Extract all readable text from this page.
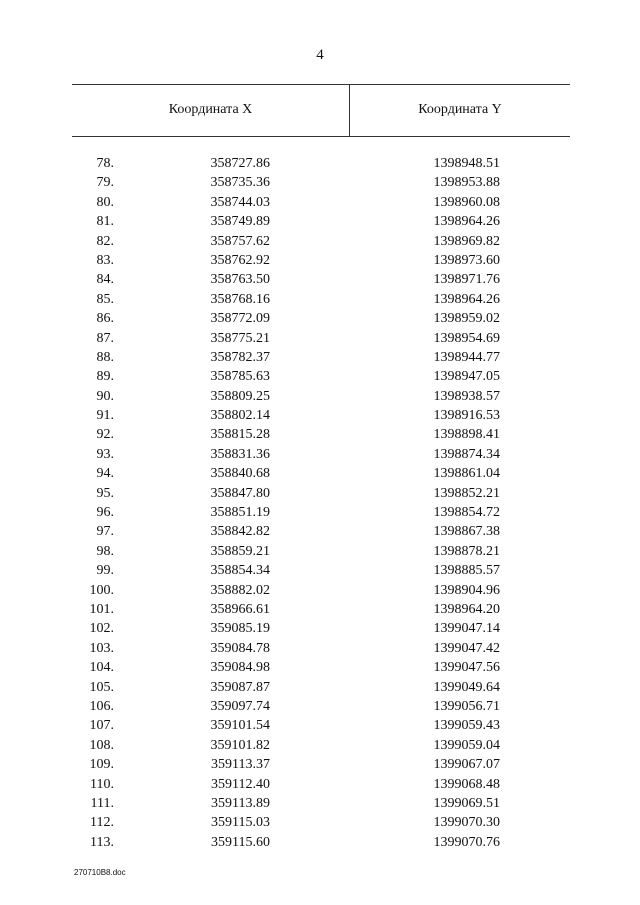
4
Координата X	Координата Y
78.	358727.86	1398948.51
79.	358735.36	1398953.88
80.	358744.03	1398960.08
81.	358749.89	1398964.26
82.	358757.62	1398969.82
83.	358762.92	1398973.60
84.	358763.50	1398971.76
85.	358768.16	1398964.26
86.	358772.09	1398959.02
87.	358775.21	1398954.69
88.	358782.37	1398944.77
89.	358785.63	1398947.05
90.	358809.25	1398938.57
91.	358802.14	1398916.53
92.	358815.28	1398898.41
93.	358831.36	1398874.34
94.	358840.68	1398861.04
95.	358847.80	1398852.21
96.	358851.19	1398854.72
97.	358842.82	1398867.38
98.	358859.21	1398878.21
99.	358854.34	1398885.57
100.	358882.02	1398904.96
101.	358966.61	1398964.20
102.	359085.19	1399047.14
103.	359084.78	1399047.42
104.	359084.98	1399047.56
105.	359087.87	1399049.64
106.	359097.74	1399056.71
107.	359101.54	1399059.43
108.	359101.82	1399059.04
109.	359113.37	1399067.07
110.	359112.40	1399068.48
111.	359113.89	1399069.51
112.	359115.03	1399070.30
113.	359115.60	1399070.76
270710B8.doc
